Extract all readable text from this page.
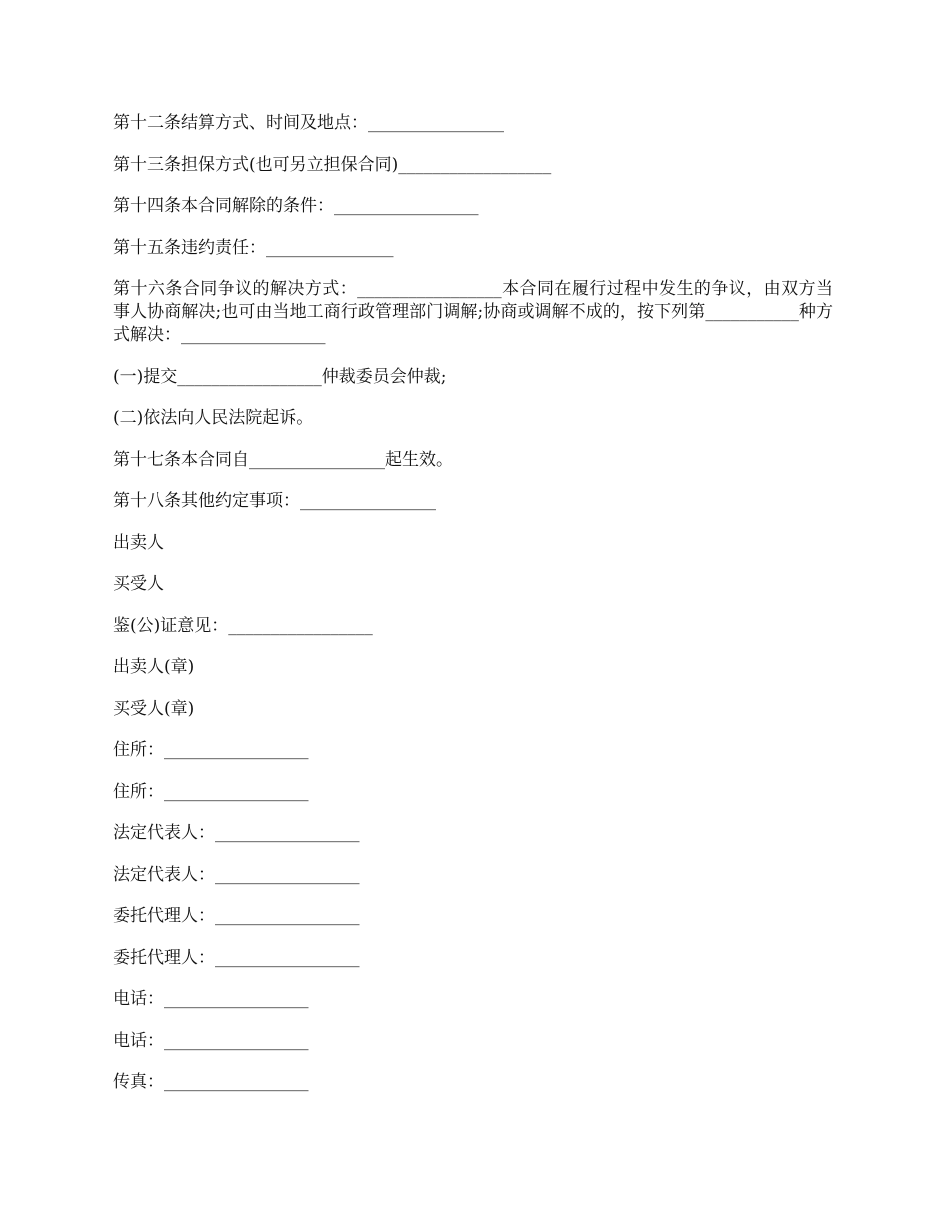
第十二条结算方式、时间及地点：________________

第十三条担保方式(也可另立担保合同)__________________

第十四条本合同解除的条件：_________________

第十五条违约责任：_______________

第十六条合同争议的解决方式：_________________本合同在履行过程中发生的争议，由双方当事人协商解决;也可由当地工商行政管理部门调解;协商或调解不成的，按下列第___________种方式解决：_________________

(一)提交_________________仲裁委员会仲裁;

(二)依法向人民法院起诉。

第十七条本合同自________________起生效。

第十八条其他约定事项：________________

出卖人

买受人

鉴(公)证意见：_________________

出卖人(章)

买受人(章)

住所：_________________

住所：_________________

法定代表人：_________________

法定代表人：_________________

委托代理人：_________________

委托代理人：_________________

电话：_________________

电话：_________________

传真：_________________
